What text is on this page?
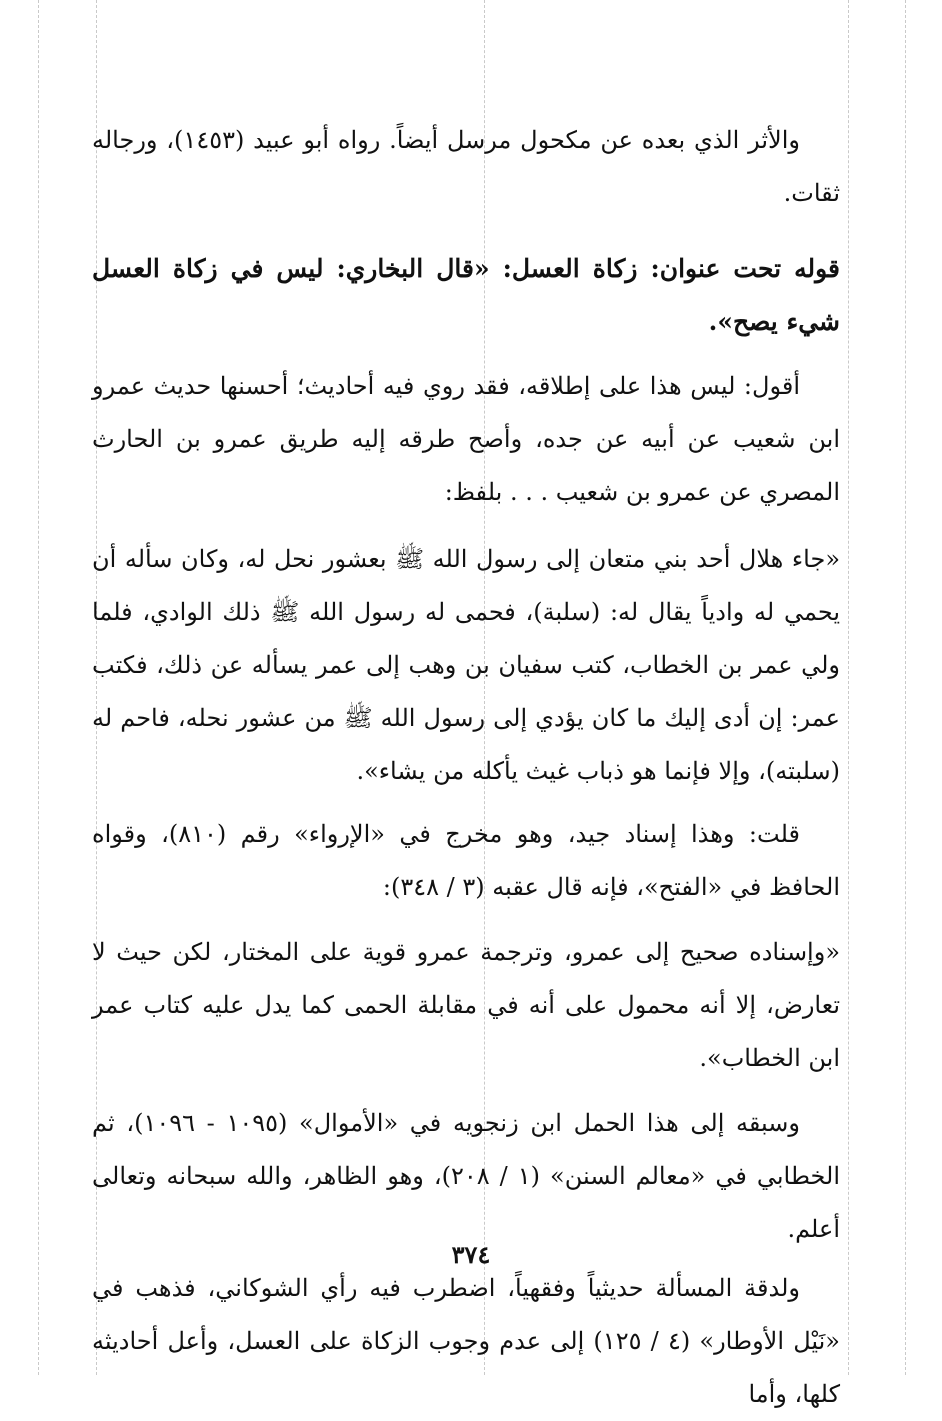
والأثر الذي بعده عن مكحول مرسل أيضاً. رواه أبو عبيد (١٤٥٣)، ورجاله ثقات.

قوله تحت عنوان: زكاة العسل: «قال البخاري: ليس في زكاة العسل شيء يصح».

أقول: ليس هذا على إطلاقه، فقد روي فيه أحاديث؛ أحسنها حديث عمرو ابن شعيب عن أبيه عن جده، وأصح طرقه إليه طريق عمرو بن الحارث المصري عن عمرو بن شعيب . . . بلفظ:

«جاء هلال أحد بني متعان إلى رسول الله ﷺ بعشور نحل له، وكان سأله أن يحمي له وادياً يقال له: (سلبة)، فحمى له رسول الله ﷺ ذلك الوادي، فلما ولي عمر بن الخطاب، كتب سفيان بن وهب إلى عمر يسأله عن ذلك، فكتب عمر: إن أدى إليك ما كان يؤدي إلى رسول الله ﷺ من عشور نحله، فاحم له (سلبته)، وإلا فإنما هو ذباب غيث يأكله من يشاء».

قلت: وهذا إسناد جيد، وهو مخرج في «الإرواء» رقم (٨١٠)، وقواه الحافظ في «الفتح»، فإنه قال عقبه (٣ / ٣٤٨):

«وإسناده صحيح إلى عمرو، وترجمة عمرو قوية على المختار، لكن حيث لا تعارض، إلا أنه محمول على أنه في مقابلة الحمى كما يدل عليه كتاب عمر ابن الخطاب».

وسبقه إلى هذا الحمل ابن زنجويه في «الأموال» (١٠٩٥ - ١٠٩٦)، ثم الخطابي في «معالم السنن» (١ / ٢٠٨)، وهو الظاهر، والله سبحانه وتعالى أعلم.

ولدقة المسألة حديثياً وفقهياً، اضطرب فيه رأي الشوكاني، فذهب في «نَيْل الأوطار» (٤ / ١٢٥) إلى عدم وجوب الزكاة على العسل، وأعل أحاديثه كلها، وأما

٣٧٤
